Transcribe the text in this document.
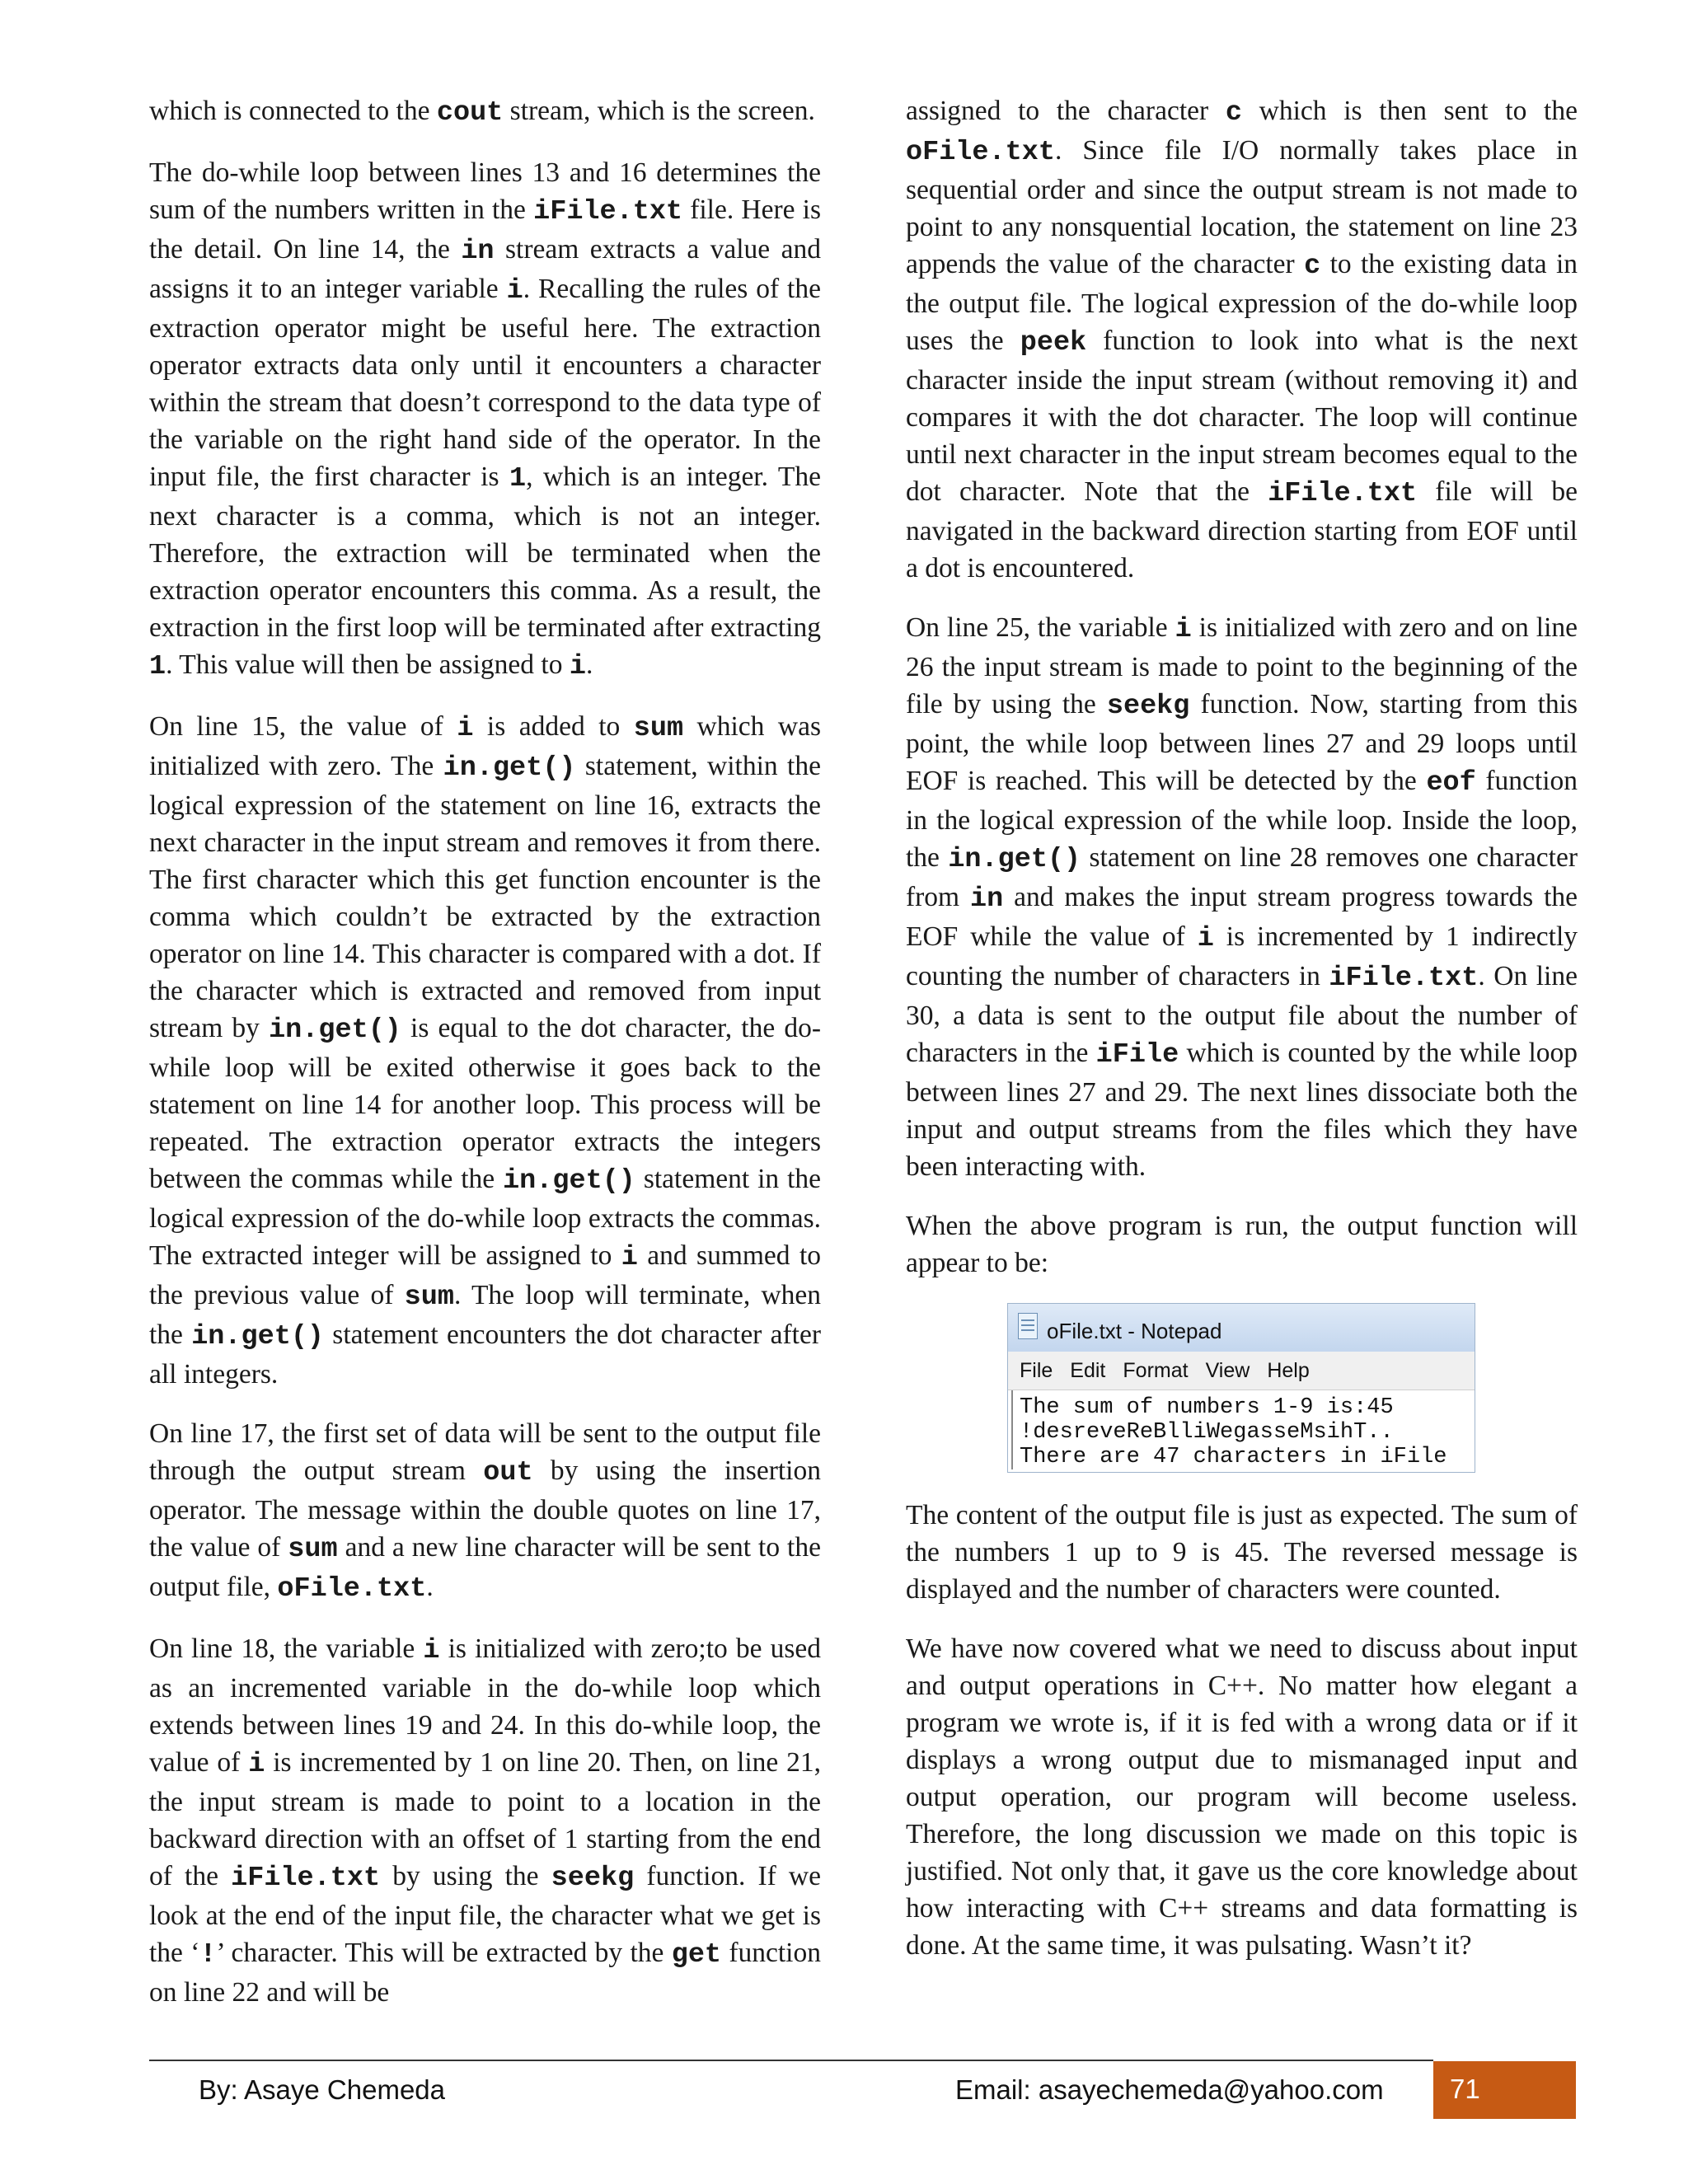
which is connected to the cout stream, which is the screen.

The do-while loop between lines 13 and 16 determines the sum of the numbers written in the iFile.txt file. Here is the detail. On line 14, the in stream extracts a value and assigns it to an integer variable i. Recalling the rules of the extraction operator might be useful here. The extraction operator extracts data only until it encounters a character within the stream that doesn’t correspond to the data type of the variable on the right hand side of the operator. In the input file, the first character is 1, which is an integer. The next character is a comma, which is not an integer. Therefore, the extraction will be terminated when the extraction operator encounters this comma. As a result, the extraction in the first loop will be terminated after extracting 1. This value will then be assigned to i.

On line 15, the value of i is added to sum which was initialized with zero. The in.get() statement, within the logical expression of the statement on line 16, extracts the next character in the input stream and removes it from there. The first character which this get function encounter is the comma which couldn’t be extracted by the extraction operator on line 14. This character is compared with a dot. If the character which is extracted and removed from input stream by in.get() is equal to the dot character, the do-while loop will be exited otherwise it goes back to the statement on line 14 for another loop. This process will be repeated. The extraction operator extracts the integers between the commas while the in.get() statement in the logical expression of the do-while loop extracts the commas. The extracted integer will be assigned to i and summed to the previous value of sum. The loop will terminate, when the in.get() statement encounters the dot character after all integers.

On line 17, the first set of data will be sent to the output file through the output stream out by using the insertion operator. The message within the double quotes on line 17, the value of sum and a new line character will be sent to the output file, oFile.txt.

On line 18, the variable i is initialized with zero;to be used as an incremented variable in the do-while loop which extends between lines 19 and 24. In this do-while loop, the value of i is incremented by 1 on line 20. Then, on line 21, the input stream is made to point to a location in the backward direction with an offset of 1 starting from the end of the iFile.txt by using the seekg function. If we look at the end of the input file, the character what we get is the ‘!’ character. This will be extracted by the get function on line 22 and will be

assigned to the character c which is then sent to the oFile.txt. Since file I/O normally takes place in sequential order and since the output stream is not made to point to any nonsquential location, the statement on line 23 appends the value of the character c to the existing data in the output file. The logical expression of the do-while loop uses the peek function to look into what is the next character inside the input stream (without removing it) and compares it with the dot character. The loop will continue until next character in the input stream becomes equal to the dot character. Note that the iFile.txt file will be navigated in the backward direction starting from EOF until a dot is encountered.

On line 25, the variable i is initialized with zero and on line 26 the input stream is made to point to the beginning of the file by using the seekg function. Now, starting from this point, the while loop between lines 27 and 29 loops until EOF is reached. This will be detected by the eof function in the logical expression of the while loop. Inside the loop, the in.get() statement on line 28 removes one character from in and makes the input stream progress towards the EOF while the value of i is incremented by 1 indirectly counting the number of characters in iFile.txt. On line 30, a data is sent to the output file about the number of characters in the iFile which is counted by the while loop between lines 27 and 29. The next lines dissociate both the input and output streams from the files which they have been interacting with.

When the above program is run, the output function will appear to be:

oFile.txt - Notepad
File Edit Format View Help
The sum of numbers 1-9 is:45
!desreveReBlliWegasseMsihT..
There are 47 characters in iFile

The content of the output file is just as expected. The sum of the numbers 1 up to 9 is 45. The reversed message is displayed and the number of characters were counted.

We have now covered what we need to discuss about input and output operations in C++. No matter how elegant a program we wrote is, if it is fed with a wrong data or if it displays a wrong output due to mismanaged input and output operation, our program will become useless. Therefore, the long discussion we made on this topic is justified. Not only that, it gave us the core knowledge about how interacting with C++ streams and data formatting is done. At the same time, it was pulsating. Wasn’t it?

By: Asaye Chemeda	Email: asayechemeda@yahoo.com 71
